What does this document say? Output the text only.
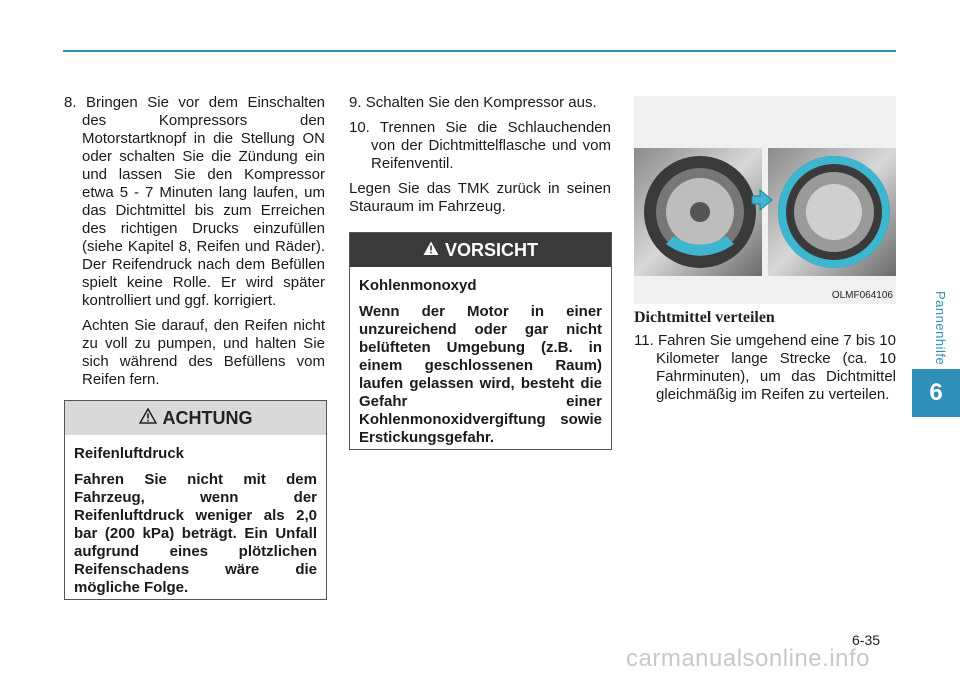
Pannenhilfe
6

8. Bringen Sie vor dem Einschalten des Kompressors den Motorstartknopf in die Stellung ON oder schalten Sie die Zündung ein und lassen Sie den Kompressor etwa 5 - 7 Minuten lang laufen, um das Dichtmittel bis zum Erreichen des richtigen Drucks einzufüllen (siehe Kapitel 8, Reifen und Räder). Der Reifendruck nach dem Befüllen spielt keine Rolle. Er wird später kontrolliert und ggf. korrigiert.

Achten Sie darauf, den Reifen nicht zu voll zu pumpen, und halten Sie sich während des Befüllens vom Reifen fern.

ACHTUNG

Reifenluftdruck

Fahren Sie nicht mit dem Fahrzeug, wenn der Reifenluftdruck weniger als 2,0 bar (200 kPa) beträgt. Ein Unfall aufgrund eines plötzlichen Reifenschadens wäre die mögliche Folge.

9. Schalten Sie den Kompressor aus.

10. Trennen Sie die Schlauchenden von der Dichtmittelflasche und vom Reifenventil.

Legen Sie das TMK zurück in seinen Stauraum im Fahrzeug.

VORSICHT

Kohlenmonoxyd

Wenn der Motor in einer unzureichend oder gar nicht belüfteten Umgebung (z.B. in einem geschlossenen Raum) laufen gelassen wird, besteht die Gefahr einer Kohlenmonoxidvergiftung sowie Erstickungsgefahr.

OLMF064106
Dichtmittel verteilen

11. Fahren Sie umgehend eine 7 bis 10 Kilometer lange Strecke (ca. 10 Fahrminuten), um das Dichtmittel gleichmäßig im Reifen zu verteilen.

6-35
carmanualsonline.info
